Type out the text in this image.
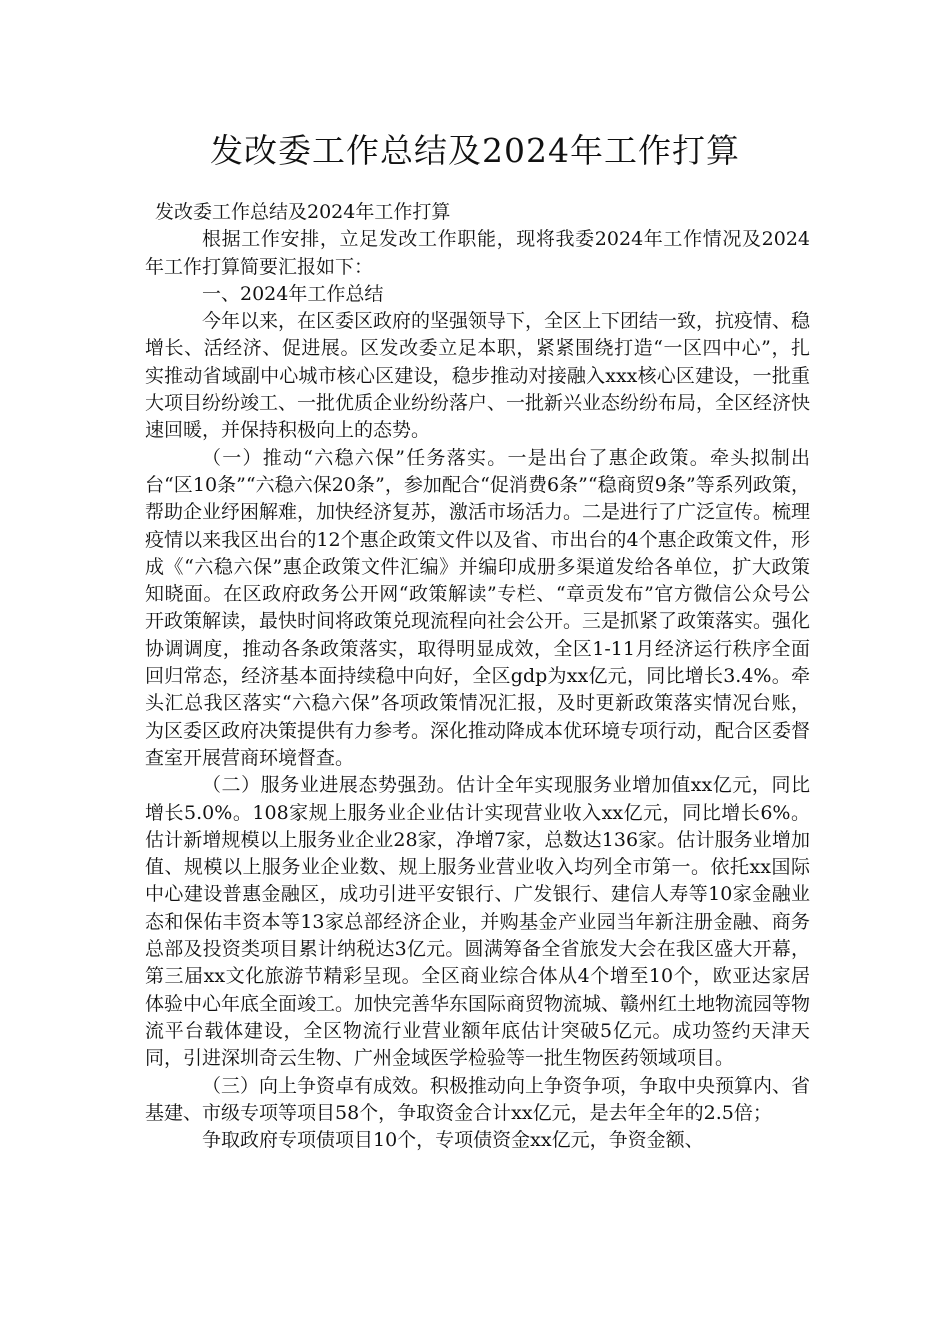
发改委工作总结及2024年工作打算

发改委工作总结及2024年工作打算

根据工作安排，立足发改工作职能，现将我委2024年工作情况及2024年工作打算简要汇报如下：

一、2024年工作总结

今年以来，在区委区政府的坚强领导下，全区上下团结一致，抗疫情、稳增长、活经济、促进展。区发改委立足本职，紧紧围绕打造“一区四中心”，扎实推动省域副中心城市核心区建设，稳步推动对接融入xxx核心区建设，一批重大项目纷纷竣工、一批优质企业纷纷落户、一批新兴业态纷纷布局，全区经济快速回暖，并保持积极向上的态势。

（一）推动“六稳六保”任务落实。一是出台了惠企政策。牵头拟制出台“区10条”“六稳六保20条”，参加配合“促消费6条”“稳商贸9条”等系列政策，帮助企业纾困解难，加快经济复苏，激活市场活力。二是进行了广泛宣传。梳理疫情以来我区出台的12个惠企政策文件以及省、市出台的4个惠企政策文件，形成《“六稳六保”惠企政策文件汇编》并编印成册多渠道发给各单位，扩大政策知晓面。在区政府政务公开网“政策解读”专栏、“章贡发布”官方微信公众号公开政策解读，最快时间将政策兑现流程向社会公开。三是抓紧了政策落实。强化协调调度，推动各条政策落实，取得明显成效，全区1-11月经济运行秩序全面回归常态，经济基本面持续稳中向好，全区gdp为xx亿元，同比增长3.4%。牵头汇总我区落实“六稳六保”各项政策情况汇报，及时更新政策落实情况台账，为区委区政府决策提供有力参考。深化推动降成本优环境专项行动，配合区委督查室开展营商环境督查。

（二）服务业进展态势强劲。估计全年实现服务业增加值xx亿元，同比增长5.0%。108家规上服务业企业估计实现营业收入xx亿元，同比增长6%。估计新增规模以上服务业企业28家，净增7家，总数达136家。估计服务业增加值、规模以上服务业企业数、规上服务业营业收入均列全市第一。依托xx国际中心建设普惠金融区，成功引进平安银行、广发银行、建信人寿等10家金融业态和保佑丰资本等13家总部经济企业，并购基金产业园当年新注册金融、商务总部及投资类项目累计纳税达3亿元。圆满筹备全省旅发大会在我区盛大开幕，第三届xx文化旅游节精彩呈现。全区商业综合体从4个增至10个，欧亚达家居体验中心年底全面竣工。加快完善华东国际商贸物流城、赣州红土地物流园等物流平台载体建设，全区物流行业营业额年底估计突破5亿元。成功签约天津天同，引进深圳奇云生物、广州金域医学检验等一批生物医药领域项目。

（三）向上争资卓有成效。积极推动向上争资争项，争取中央预算内、省基建、市级专项等项目58个，争取资金合计xx亿元，是去年全年的2.5倍；

争取政府专项债项目10个，专项债资金xx亿元，争资金额、
